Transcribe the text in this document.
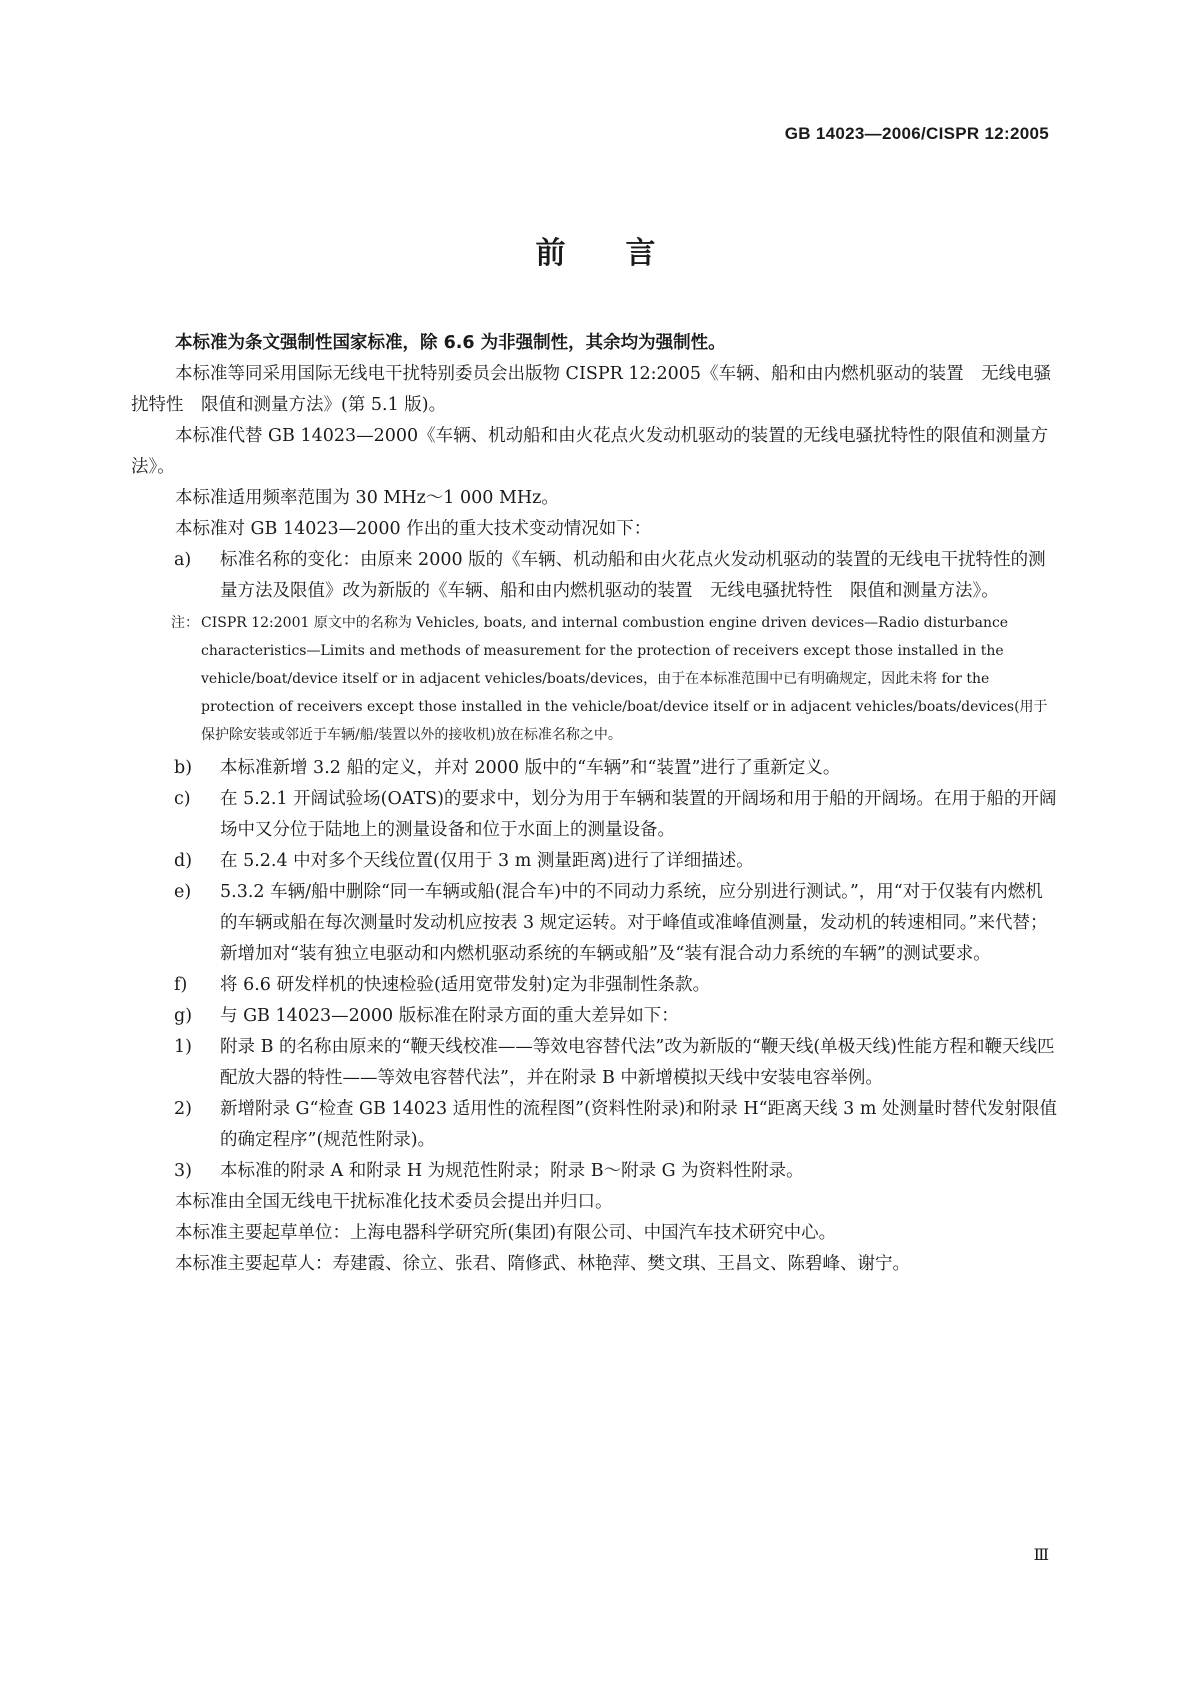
GB 14023—2006/CISPR 12:2005
前 言

本标准为条文强制性国家标准，除 6.6 为非强制性，其余均为强制性。

本标准等同采用国际无线电干扰特别委员会出版物 CISPR 12:2005《车辆、船和由内燃机驱动的装置　无线电骚扰特性　限值和测量方法》(第 5.1 版)。

本标准代替 GB 14023—2000《车辆、机动船和由火花点火发动机驱动的装置的无线电骚扰特性的限值和测量方法》。

本标准适用频率范围为 30 MHz～1 000 MHz。

本标准对 GB 14023—2000 作出的重大技术变动情况如下：

a) 标准名称的变化：由原来 2000 版的《车辆、机动船和由火花点火发动机驱动的装置的无线电干扰特性的测量方法及限值》改为新版的《车辆、船和由内燃机驱动的装置　无线电骚扰特性　限值和测量方法》。
注： CISPR 12:2001 原文中的名称为 Vehicles, boats, and internal combustion engine driven devices—Radio disturbance characteristics—Limits and methods of measurement for the protection of receivers except those installed in the vehicle/boat/device itself or in adjacent vehicles/boats/devices，由于在本标准范围中已有明确规定，因此未将 for the protection of receivers except those installed in the vehicle/boat/device itself or in adjacent vehicles/boats/devices(用于保护除安装或邻近于车辆/船/装置以外的接收机)放在标准名称之中。
b) 本标准新增 3.2 船的定义，并对 2000 版中的“车辆”和“装置”进行了重新定义。
c) 在 5.2.1 开阔试验场(OATS)的要求中，划分为用于车辆和装置的开阔场和用于船的开阔场。在用于船的开阔场中又分位于陆地上的测量设备和位于水面上的测量设备。
d) 在 5.2.4 中对多个天线位置(仅用于 3 m 测量距离)进行了详细描述。
e) 5.3.2 车辆/船中删除“同一车辆或船(混合车)中的不同动力系统，应分别进行测试。”，用“对于仅装有内燃机的车辆或船在每次测量时发动机应按表 3 规定运转。对于峰值或准峰值测量，发动机的转速相同。”来代替；新增加对“装有独立电驱动和内燃机驱动系统的车辆或船”及“装有混合动力系统的车辆”的测试要求。
f) 将 6.6 研发样机的快速检验(适用宽带发射)定为非强制性条款。
g) 与 GB 14023—2000 版标准在附录方面的重大差异如下：
1) 附录 B 的名称由原来的“鞭天线校准——等效电容替代法”改为新版的“鞭天线(单极天线)性能方程和鞭天线匹配放大器的特性——等效电容替代法”，并在附录 B 中新增模拟天线中安装电容举例。
2) 新增附录 G“检查 GB 14023 适用性的流程图”(资料性附录)和附录 H“距离天线 3 m 处测量时替代发射限值的确定程序”(规范性附录)。
3) 本标准的附录 A 和附录 H 为规范性附录；附录 B～附录 G 为资料性附录。

本标准由全国无线电干扰标准化技术委员会提出并归口。

本标准主要起草单位：上海电器科学研究所(集团)有限公司、中国汽车技术研究中心。

本标准主要起草人：寿建霞、徐立、张君、隋修武、林艳萍、樊文琪、王昌文、陈碧峰、谢宁。

Ⅲ
